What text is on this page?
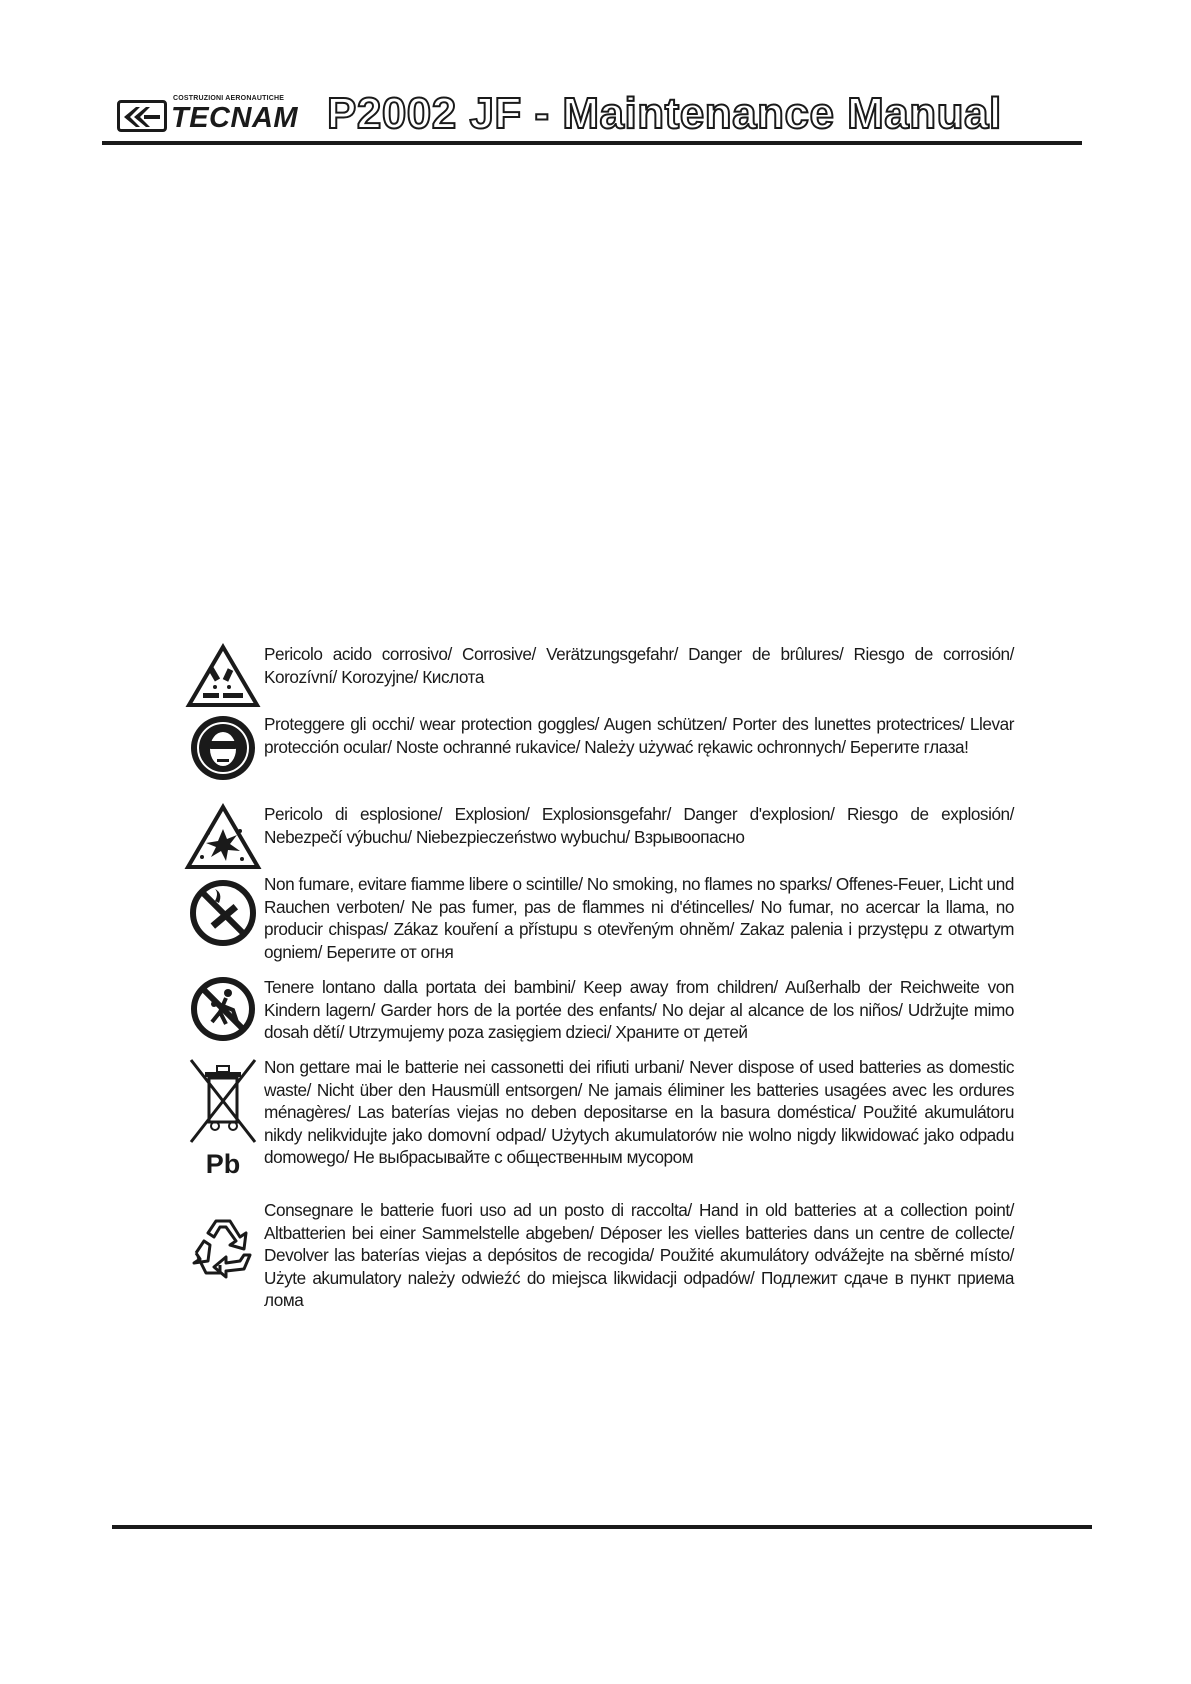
COSTRUZIONI AERONAUTICHE
TECNAM P2002 JF - Maintenance Manual
Pericolo acido corrosivo/ Corrosive/ Verätzungsgefahr/ Danger de brûlures/ Riesgo de corrosión/ Korozívní/ Korozyjne/ Кислота
Proteggere gli occhi/ wear protection goggles/ Augen schützen/ Porter des lunettes protectrices/ Llevar protección ocular/ Noste ochranné rukavice/ Należy używać rękawic ochronnych/ Берегите глаза!
Pericolo di esplosione/ Explosion/ Explosionsgefahr/ Danger d'explosion/ Riesgo de explosión/ Nebezpečí výbuchu/ Niebezpieczeństwo wybuchu/ Взрывоопасно
Non fumare, evitare fiamme libere o scintille/ No smoking, no flames no sparks/ Offenes-Feuer, Licht und Rauchen verboten/ Ne pas fumer, pas de flammes ni d'étincelles/ No fumar, no acercar la llama, no producir chispas/ Zákaz kouření a přístupu s otevřeným ohněm/ Zakaz palenia i przystępu z otwartym ogniem/ Берегите от огня
Tenere lontano dalla portata dei bambini/ Keep away from children/ Außerhalb der Reichweite von Kindern lagern/ Garder hors de la portée des enfants/ No dejar al alcance de los niños/ Udržujte mimo dosah dětí/ Utrzymujemy poza zasięgiem dzieci/ Храните от детей
Pb
Non gettare mai le batterie nei cassonetti dei rifiuti urbani/ Never dispose of used batteries as domestic waste/ Nicht über den Hausmüll entsorgen/ Ne jamais éliminer les batteries usagées avec les ordures ménagères/ Las baterías viejas no deben depositarse en la basura doméstica/ Použité akumulátoru nikdy nelikvidujte jako domovní odpad/ Użytych akumulatorów nie wolno nigdy likwidować jako odpadu domowego/ Не выбрасывайте с общественным мусором
Consegnare le batterie fuori uso ad un posto di raccolta/ Hand in old batteries at a collection point/ Altbatterien bei einer Sammelstelle abgeben/ Déposer les vielles batteries dans un centre de collecte/ Devolver las baterías viejas a depósitos de recogida/ Použité akumulátory odvážejte na sběrné místo/ Użyte akumulatory należy odwieźć do miejsca likwidacji odpadów/ Подлежит сдаче в пункт приема лома
